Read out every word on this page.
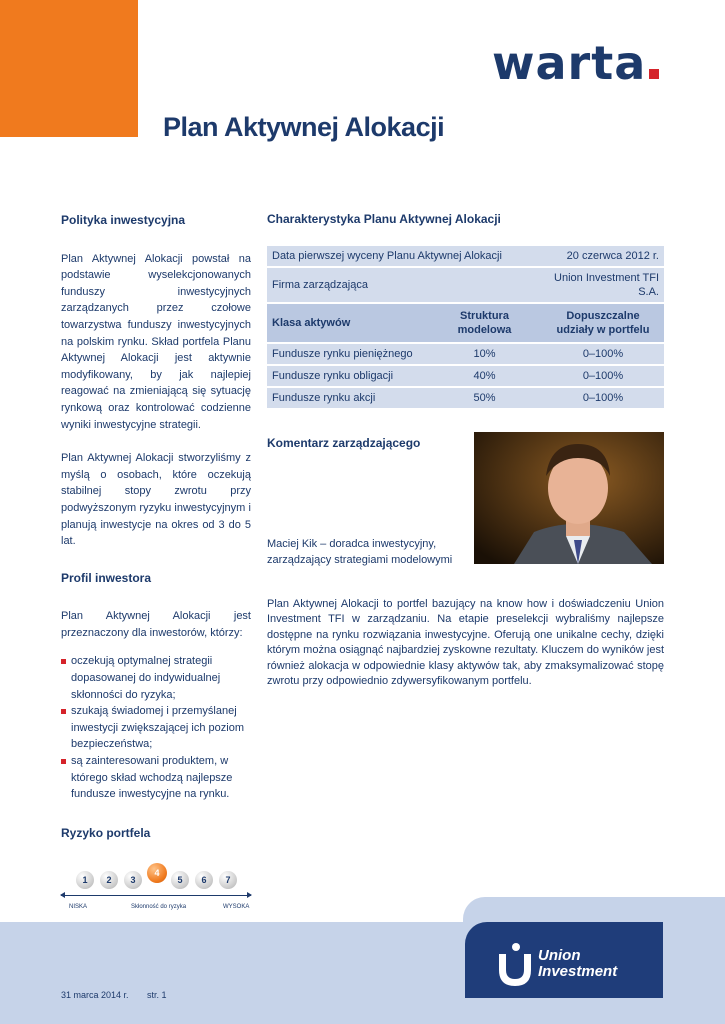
warta
Plan Aktywnej Alokacji
Polityka inwestycyjna

Plan Aktywnej Alokacji powstał na podstawie wyselekcjonowanych funduszy inwestycyjnych zarządzanych przez czołowe towarzystwa funduszy inwestycyjnych na polskim rynku. Skład portfela Planu Aktywnej Alokacji jest aktywnie modyfikowany, by jak najlepiej reagować na zmieniającą się sytuację rynkową oraz kontrolować codzienne wyniki inwestycyjne strategii.

Plan Aktywnej Alokacji stworzyliśmy z myślą o osobach, które oczekują stabilnej stopy zwrotu przy podwyższonym ryzyku inwestycyjnym i planują inwestycje na okres od 3 do 5 lat.

Profil inwestora

Plan Aktywnej Alokacji jest przeznaczony dla inwestorów, którzy:

oczekują optymalnej strategii dopasowanej do indywidualnej skłonności do ryzyka;
szukają świadomej i przemyślanej inwestycji zwiększającej ich poziom bezpieczeństwa;
są zainteresowani produktem, w którego skład wchodzą najlepsze fundusze inwestycyjne na rynku.
Ryzyko portfela
1	2	3
4
5	6	7
NISKA	Skłonność do ryzyka	WYSOKA

Charakterystyka Planu Aktywnej Alokacji
Data pierwszej wyceny Planu Aktywnej Alokacji		20 czerwca 2012 r.
Firma zarządzająca		Union Investment TFI S.A.
Klasa aktywów	Struktura modelowa	Dopuszczalne udziały w portfelu
Fundusze rynku pieniężnego	10%	0–100%
Fundusze rynku obligacji	40%	0–100%
Fundusze rynku akcji	50%	0–100%
Komentarz zarządzającego

Maciej Kik – doradca inwestycyjny, zarządzający strategiami modelowymi

Plan Aktywnej Alokacji to portfel bazujący na know how i doświadczeniu Union Investment TFI w zarządzaniu. Na etapie preselekcji wybraliśmy najlepsze dostępne na rynku rozwiązania inwestycyjne. Oferują one unikalne cechy, dzięki którym można osiągnąć najbardziej zyskowne rezultaty. Kluczem do wyników jest również alokacja w odpowiednie klasy aktywów tak, aby zmaksymalizować stopę zwrotu przy odpowiednio zdywersyfikowanym portfelu.

Union
Investment
31 marca 2014 r. str. 1
